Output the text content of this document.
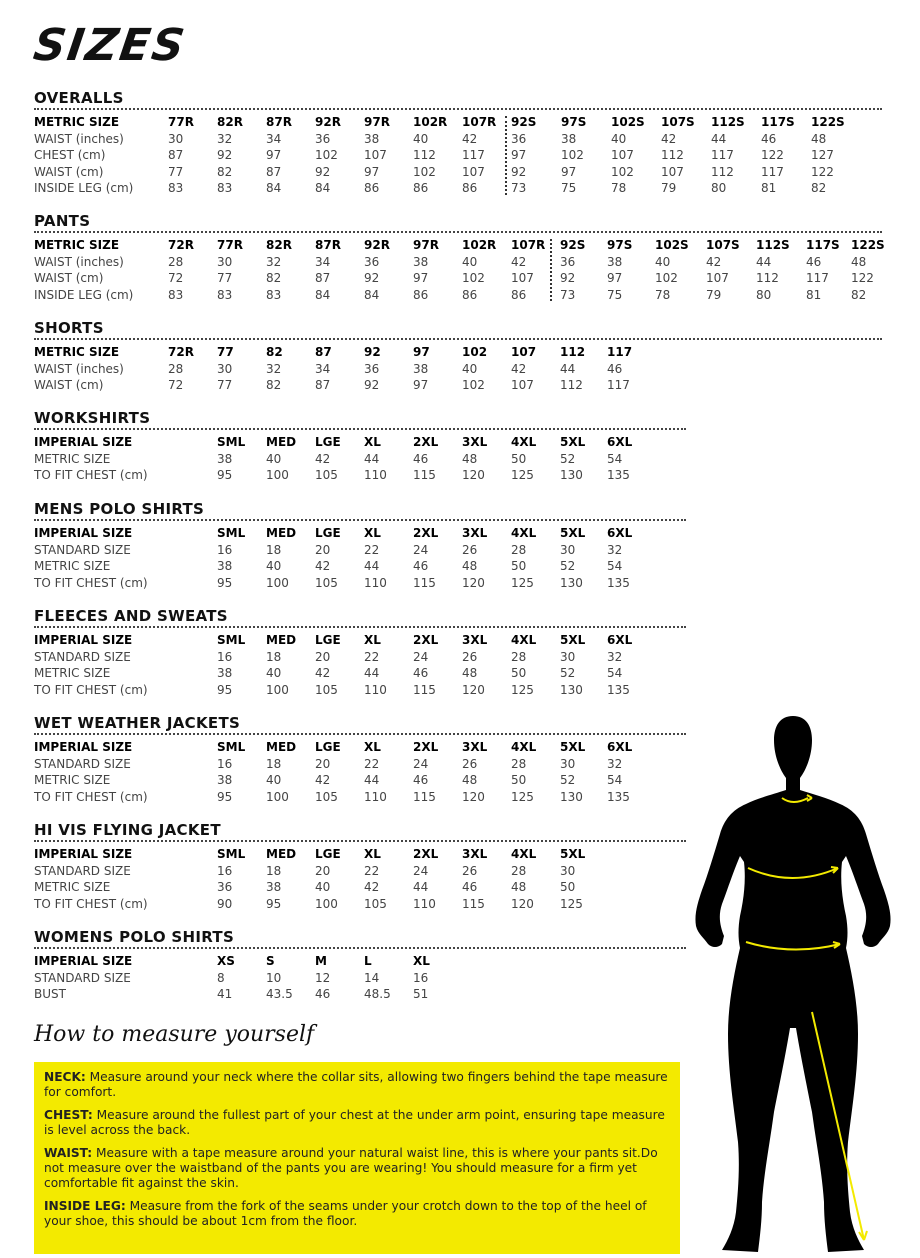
SIZES
OVERALLS
METRIC SIZE	77R 82R 87R 92R 97R 102R 107R 92S 97S 102S 107S 112S 117S 122S
WAIST (inches)	30	32	34	36	38	40	42	36	38	40	42	44	46	48
CHEST (cm)	87	92	97	102 107 112 117 97	102 107 112 117 122 127
WAIST (cm)	77	82	87	92	97	102 107 92	97	102 107 112 117 122
INSIDE LEG (cm)	83	83	84	84	86	86	86	73	75	78	79	80	81	82
PANTS
METRIC SIZE	72R 77R 82R 87R 92R 97R 102R 107R 92S 97S 102S 107S 112S 117S 122S
WAIST (inches)	28	30	32	34	36	38	40	42	36	38	40	42	44	46 48
WAIST (cm)	72	77	82	87	92	97	102 107 92	97	102 107 112 117 122
INSIDE LEG (cm)	83	83	83	84	84	86	86	86	73	75	78	79	80	81 82
SHORTS
METRIC SIZE	72R 77	82	87	92	97	102 107 112 117
WAIST (inches)	28	30	32	34	36	38	40	42	44	46
WAIST (cm)	72	77	82	87	92	97	102 107 112 117
WORKSHIRTS
IMPERIAL SIZE	SML MED LGE XL	2XL 3XL 4XL 5XL 6XL
METRIC SIZE	38	40	42	44	46	48	50	52	54
TO FIT CHEST (cm)	95	100 105 110 115 120 125 130 135
MENS POLO SHIRTS
IMPERIAL SIZE	SML MED LGE XL	2XL 3XL 4XL 5XL 6XL
STANDARD SIZE	16	18	20	22	24	26	28	30	32
METRIC SIZE	38	40	42	44	46	48	50	52	54
TO FIT CHEST (cm)	95	100 105 110 115 120 125 130 135
FLEECES AND SWEATS
IMPERIAL SIZE	SML MED LGE XL	2XL 3XL 4XL 5XL 6XL
STANDARD SIZE	16	18	20	22	24	26	28	30	32
METRIC SIZE	38	40	42	44	46	48	50	52	54
TO FIT CHEST (cm)	95	100 105 110 115 120 125 130 135
WET WEATHER JACKETS
IMPERIAL SIZE	SML MED LGE XL	2XL 3XL 4XL 5XL 6XL
STANDARD SIZE	16	18	20	22	24	26	28	30	32
METRIC SIZE	38	40	42	44	46	48	50	52	54
TO FIT CHEST (cm)	95	100 105 110 115 120 125 130 135
HI VIS FLYING JACKET
IMPERIAL SIZE	SML MED LGE XL	2XL 3XL 4XL 5XL
STANDARD SIZE	16	18	20	22	24	26	28	30
METRIC SIZE	36	38	40	42	44	46	48	50
TO FIT CHEST (cm)	90	95	100 105 110 115 120 125
WOMENS POLO SHIRTS
IMPERIAL SIZE	XS	S	M	L	XL
STANDARD SIZE	8	10	12	14	16
BUST	41	43.5 46	48.5 51
How to measure yourself

NECK: Measure around your neck where the collar sits, allowing two fingers behind the tape measure for comfort.

CHEST: Measure around the fullest part of your chest at the under arm point, ensuring tape measure is level across the back.

WAIST: Measure with a tape measure around your natural waist line, this is where your pants sit.Do not measure over the waistband of the pants you are wearing! You should measure for a firm yet comfortable fit against the skin.

INSIDE LEG: Measure from the fork of the seams under your crotch down to the top of the heel of your shoe, this should be about 1cm from the floor.
